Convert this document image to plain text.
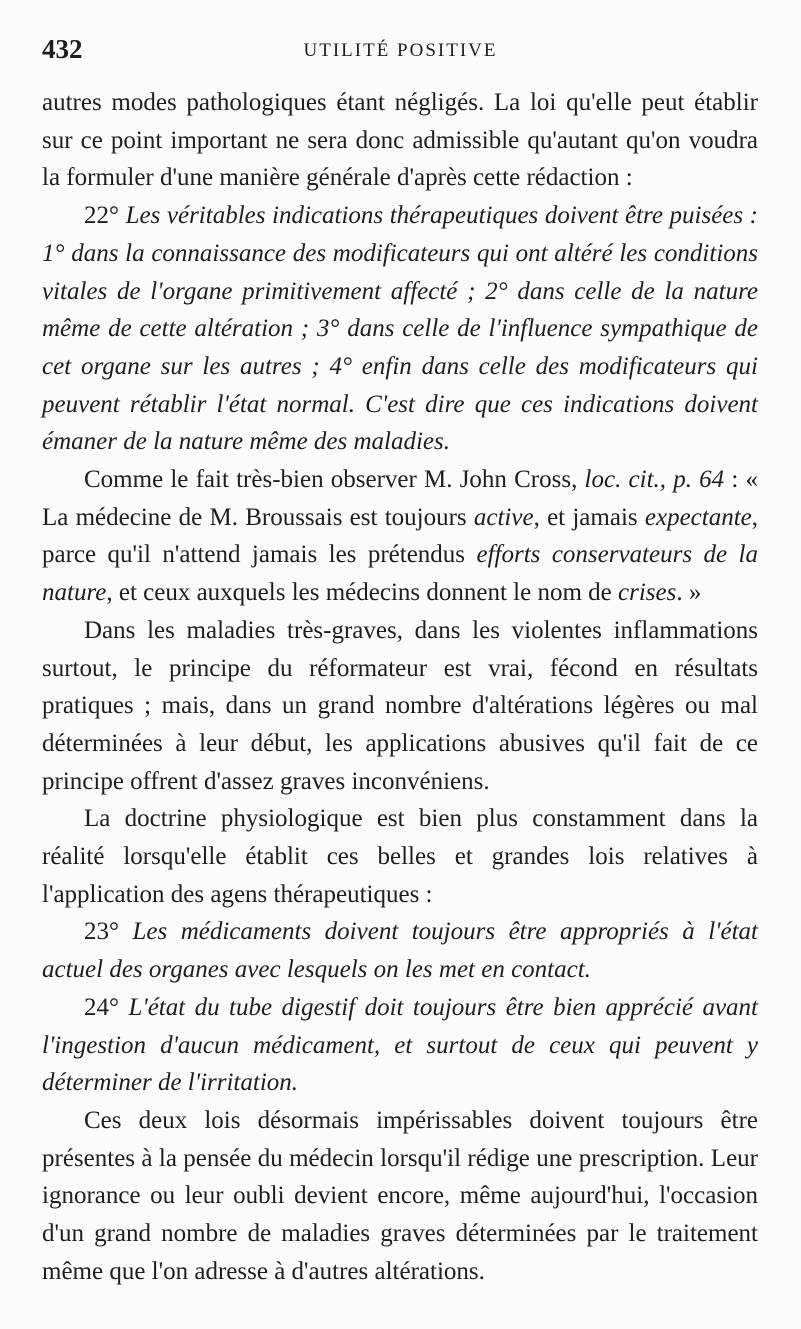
432	UTILITÉ POSITIVE

autres modes pathologiques étant négligés. La loi qu'elle peut établir sur ce point important ne sera donc admissible qu'autant qu'on voudra la formuler d'une manière générale d'après cette rédaction :

22° Les véritables indications thérapeutiques doivent être puisées : 1° dans la connaissance des modificateurs qui ont altéré les conditions vitales de l'organe primitivement affecté ; 2° dans celle de la nature même de cette altération ; 3° dans celle de l'influence sympathique de cet organe sur les autres ; 4° enfin dans celle des modificateurs qui peuvent rétablir l'état normal. C'est dire que ces indications doivent émaner de la nature même des maladies.

Comme le fait très-bien observer M. John Cross, loc. cit., p. 64 : « La médecine de M. Broussais est toujours active, et jamais expectante, parce qu'il n'attend jamais les prétendus efforts conservateurs de la nature, et ceux auxquels les médecins donnent le nom de crises. »

Dans les maladies très-graves, dans les violentes inflammations surtout, le principe du réformateur est vrai, fécond en résultats pratiques ; mais, dans un grand nombre d'altérations légères ou mal déterminées à leur début, les applications abusives qu'il fait de ce principe offrent d'assez graves inconvéniens.

La doctrine physiologique est bien plus constamment dans la réalité lorsqu'elle établit ces belles et grandes lois relatives à l'application des agens thérapeutiques :

23° Les médicaments doivent toujours être appropriés à l'état actuel des organes avec lesquels on les met en contact.

24° L'état du tube digestif doit toujours être bien apprécié avant l'ingestion d'aucun médicament, et surtout de ceux qui peuvent y déterminer de l'irritation.

Ces deux lois désormais impérissables doivent toujours être présentes à la pensée du médecin lorsqu'il rédige une prescription. Leur ignorance ou leur oubli devient encore, même aujourd'hui, l'occasion d'un grand nombre de maladies graves déterminées par le traitement même que l'on adresse à d'autres altérations.
